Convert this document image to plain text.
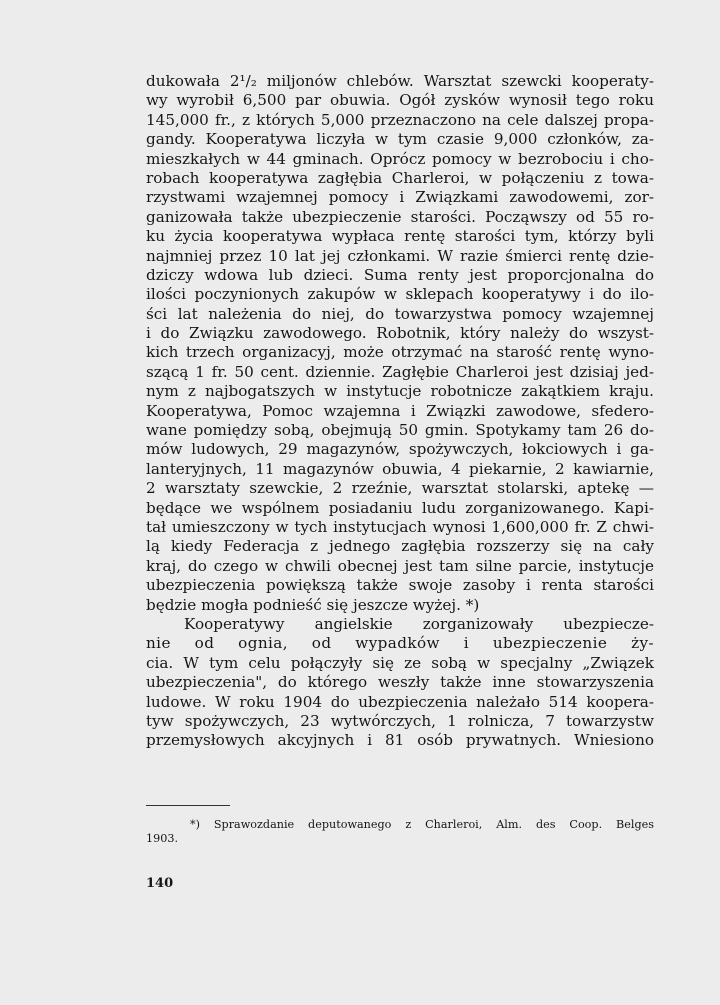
dukowała 2¹/₂ miljonów chlebów. Warsztat szewcki kooperaty-
wy wyrobił 6,500 par obuwia. Ogół zysków wynosił tego roku
145,000 fr., z których 5,000 przeznaczono na cele dalszej propa-
gandy. Kooperatywa liczyła w tym czasie 9,000 członków, za-
mieszkałych w 44 gminach. Oprócz pomocy w bezrobociu i cho-
robach kooperatywa zagłębia Charleroi, w połączeniu z towa-
rzystwami wzajemnej pomocy i Związkami zawodowemi, zor-
ganizowała także ubezpieczenie starości. Począwszy od 55 ro-
ku życia kooperatywa wypłaca rentę starości tym, którzy byli
najmniej przez 10 lat jej członkami. W razie śmierci rentę dzie-
dziczy wdowa lub dzieci. Suma renty jest proporcjonalna do
ilości poczynionych zakupów w sklepach kooperatywy i do ilo-
ści lat należenia do niej, do towarzystwa pomocy wzajemnej
i do Związku zawodowego. Robotnik, który należy do wszyst-
kich trzech organizacyj, może otrzymać na starość rentę wyno-
szącą 1 fr. 50 cent. dziennie. Zagłębie Charleroi jest dzisiaj jed-
nym z najbogatszych w instytucje robotnicze zakątkiem kraju.
Kooperatywa, Pomoc wzajemna i Związki zawodowe, sfedero-
wane pomiędzy sobą, obejmują 50 gmin. Spotykamy tam 26 do-
mów ludowych, 29 magazynów, spożywczych, łokciowych i ga-
lanteryjnych, 11 magazynów obuwia, 4 piekarnie, 2 kawiarnie,
2 warsztaty szewckie, 2 rzeźnie, warsztat stolarski, aptekę —
będące we wspólnem posiadaniu ludu zorganizowanego. Kapi-
tał umieszczony w tych instytucjach wynosi 1,600,000 fr. Z chwi-
lą kiedy Federacja z jednego zagłębia rozszerzy się na cały
kraj, do czego w chwili obecnej jest tam silne parcie, instytucje
ubezpieczenia powiększą także swoje zasoby i renta starości
będzie mogła podnieść się jeszcze wyżej. *)
Kooperatywy angielskie zorganizowały ubezpiecze-
nie od ognia, od wypadków i ubezpieczenie ży-
cia. W tym celu połączyły się ze sobą w specjalny „Związek
ubezpieczenia", do którego weszły także inne stowarzyszenia
ludowe. W roku 1904 do ubezpieczenia należało 514 koopera-
tyw spożywczych, 23 wytwórczych, 1 rolnicza, 7 towarzystw
przemysłowych akcyjnych i 81 osób prywatnych. Wniesiono
*) Sprawozdanie deputowanego z Charleroi, Alm. des Coop. Belges
1903.
140
